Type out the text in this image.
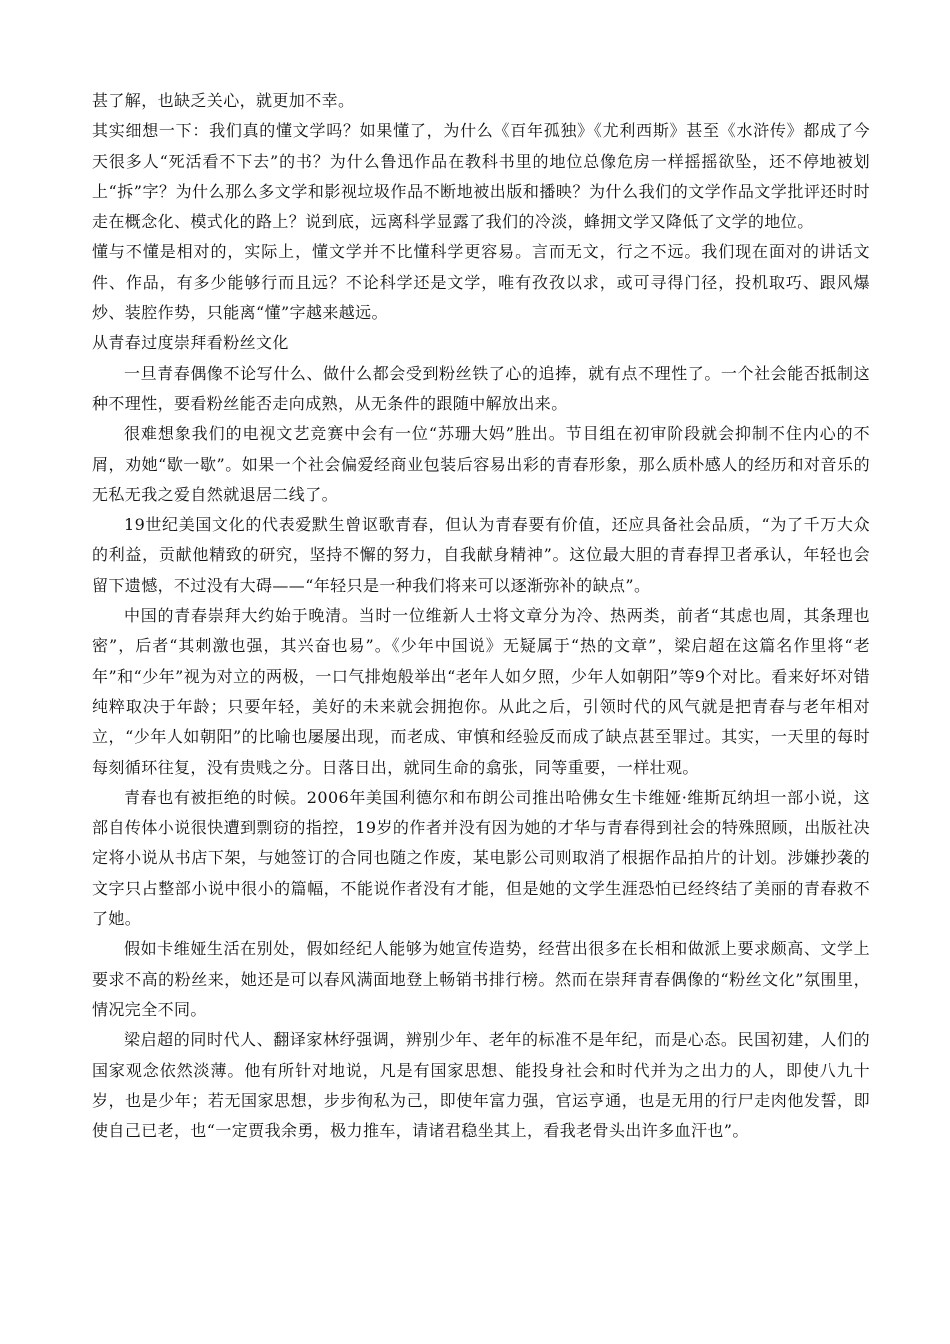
甚了解，也缺乏关心，就更加不幸。

其实细想一下：我们真的懂文学吗？如果懂了，为什么《百年孤独》《尤利西斯》甚至《水浒传》都成了今天很多人“死活看不下去”的书？为什么鲁迅作品在教科书里的地位总像危房一样摇摇欲坠，还不停地被划上“拆”字？为什么那么多文学和影视垃圾作品不断地被出版和播映？为什么我们的文学作品文学批评还时时走在概念化、模式化的路上？说到底，远离科学显露了我们的冷淡，蜂拥文学又降低了文学的地位。

懂与不懂是相对的，实际上，懂文学并不比懂科学更容易。言而无文，行之不远。我们现在面对的讲话文件、作品，有多少能够行而且远？不论科学还是文学，唯有孜孜以求，或可寻得门径，投机取巧、跟风爆炒、装腔作势，只能离“懂”字越来越远。

从青春过度崇拜看粉丝文化

一旦青春偶像不论写什么、做什么都会受到粉丝铁了心的追捧，就有点不理性了。一个社会能否抵制这种不理性，要看粉丝能否走向成熟，从无条件的跟随中解放出来。

很难想象我们的电视文艺竞赛中会有一位“苏珊大妈”胜出。节目组在初审阶段就会抑制不住内心的不屑，劝她“歇一歇”。如果一个社会偏爱经商业包装后容易出彩的青春形象，那么质朴感人的经历和对音乐的无私无我之爱自然就退居二线了。

19世纪美国文化的代表爱默生曾讴歌青春，但认为青春要有价值，还应具备社会品质，“为了千万大众的利益，贡献他精致的研究，坚持不懈的努力，自我献身精神”。这位最大胆的青春捍卫者承认，年轻也会留下遗憾，不过没有大碍——“年轻只是一种我们将来可以逐渐弥补的缺点”。

中国的青春崇拜大约始于晚清。当时一位维新人士将文章分为冷、热两类，前者“其虑也周，其条理也密”，后者“其刺激也强，其兴奋也易”。《少年中国说》无疑属于“热的文章”，梁启超在这篇名作里将“老年”和“少年”视为对立的两极，一口气排炮般举出“老年人如夕照，少年人如朝阳”等9个对比。看来好坏对错纯粹取决于年龄；只要年轻，美好的未来就会拥抱你。从此之后，引领时代的风气就是把青春与老年相对立，“少年人如朝阳”的比喻也屡屡出现，而老成、审慎和经验反而成了缺点甚至罪过。其实，一天里的每时每刻循环往复，没有贵贱之分。日落日出，就同生命的翕张，同等重要，一样壮观。

青春也有被拒绝的时候。2006年美国利德尔和布朗公司推出哈佛女生卡维娅·维斯瓦纳坦一部小说，这部自传体小说很快遭到剽窃的指控，19岁的作者并没有因为她的才华与青春得到社会的特殊照顾，出版社决定将小说从书店下架，与她签订的合同也随之作废，某电影公司则取消了根据作品拍片的计划。涉嫌抄袭的文字只占整部小说中很小的篇幅，不能说作者没有才能，但是她的文学生涯恐怕已经终结了美丽的青春救不了她。

假如卡维娅生活在别处，假如经纪人能够为她宣传造势，经营出很多在长相和做派上要求颇高、文学上要求不高的粉丝来，她还是可以春风满面地登上畅销书排行榜。然而在崇拜青春偶像的“粉丝文化”氛围里，情况完全不同。

梁启超的同时代人、翻译家林纾强调，辨别少年、老年的标准不是年纪，而是心态。民国初建，人们的国家观念依然淡薄。他有所针对地说，凡是有国家思想、能投身社会和时代并为之出力的人，即使八九十岁，也是少年；若无国家思想，步步徇私为己，即使年富力强，官运亨通，也是无用的行尸走肉他发誓，即使自己已老，也“一定贾我余勇，极力推车，请诸君稳坐其上，看我老骨头出许多血汗也”。
